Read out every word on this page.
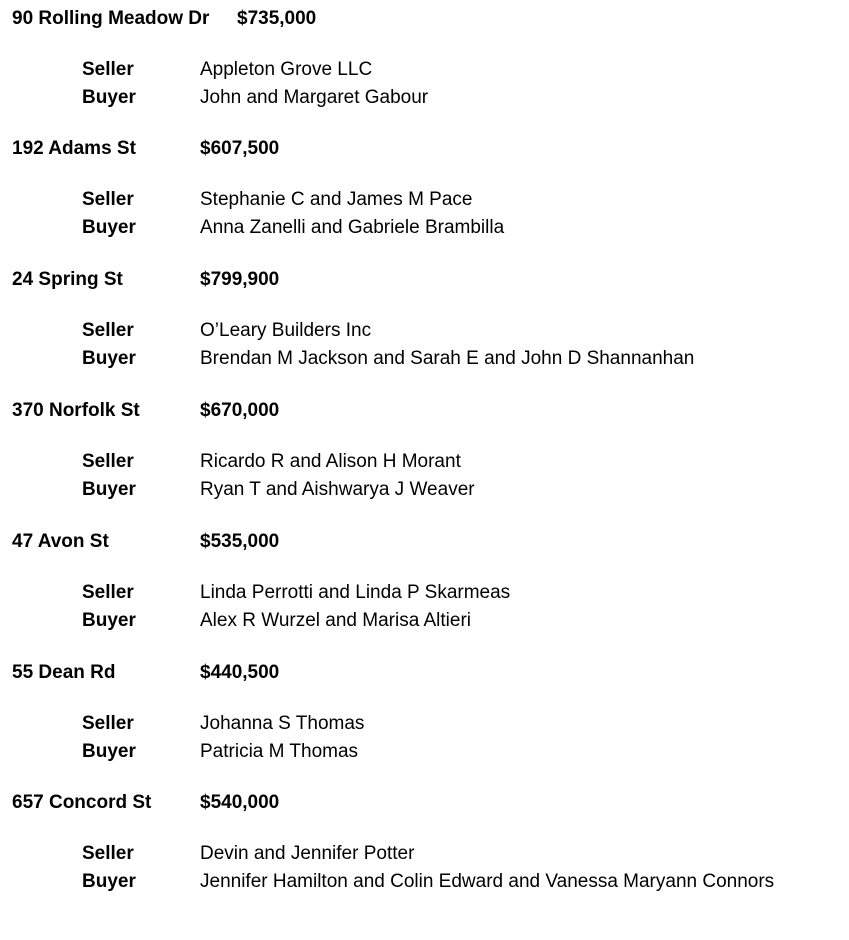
90 Rolling Meadow Dr $735,000
Seller	Appleton Grove LLC
Buyer	John and Margaret Gabour
192 Adams St	$607,500
Seller	Stephanie C and James M Pace
Buyer	Anna Zanelli and Gabriele Brambilla
24 Spring St	$799,900
Seller	O’Leary Builders Inc
Buyer	Brendan M Jackson and Sarah E and John D Shannanhan
370 Norfolk St	$670,000
Seller	Ricardo R and Alison H Morant
Buyer	Ryan T and Aishwarya J Weaver
47 Avon St	$535,000
Seller	Linda Perrotti and Linda P Skarmeas
Buyer	Alex R Wurzel and Marisa Altieri
55 Dean Rd	$440,500
Seller	Johanna S Thomas
Buyer	Patricia M Thomas
657 Concord St	$540,000
Seller	Devin and Jennifer Potter
Buyer	Jennifer Hamilton and Colin Edward and Vanessa Maryann Connors
